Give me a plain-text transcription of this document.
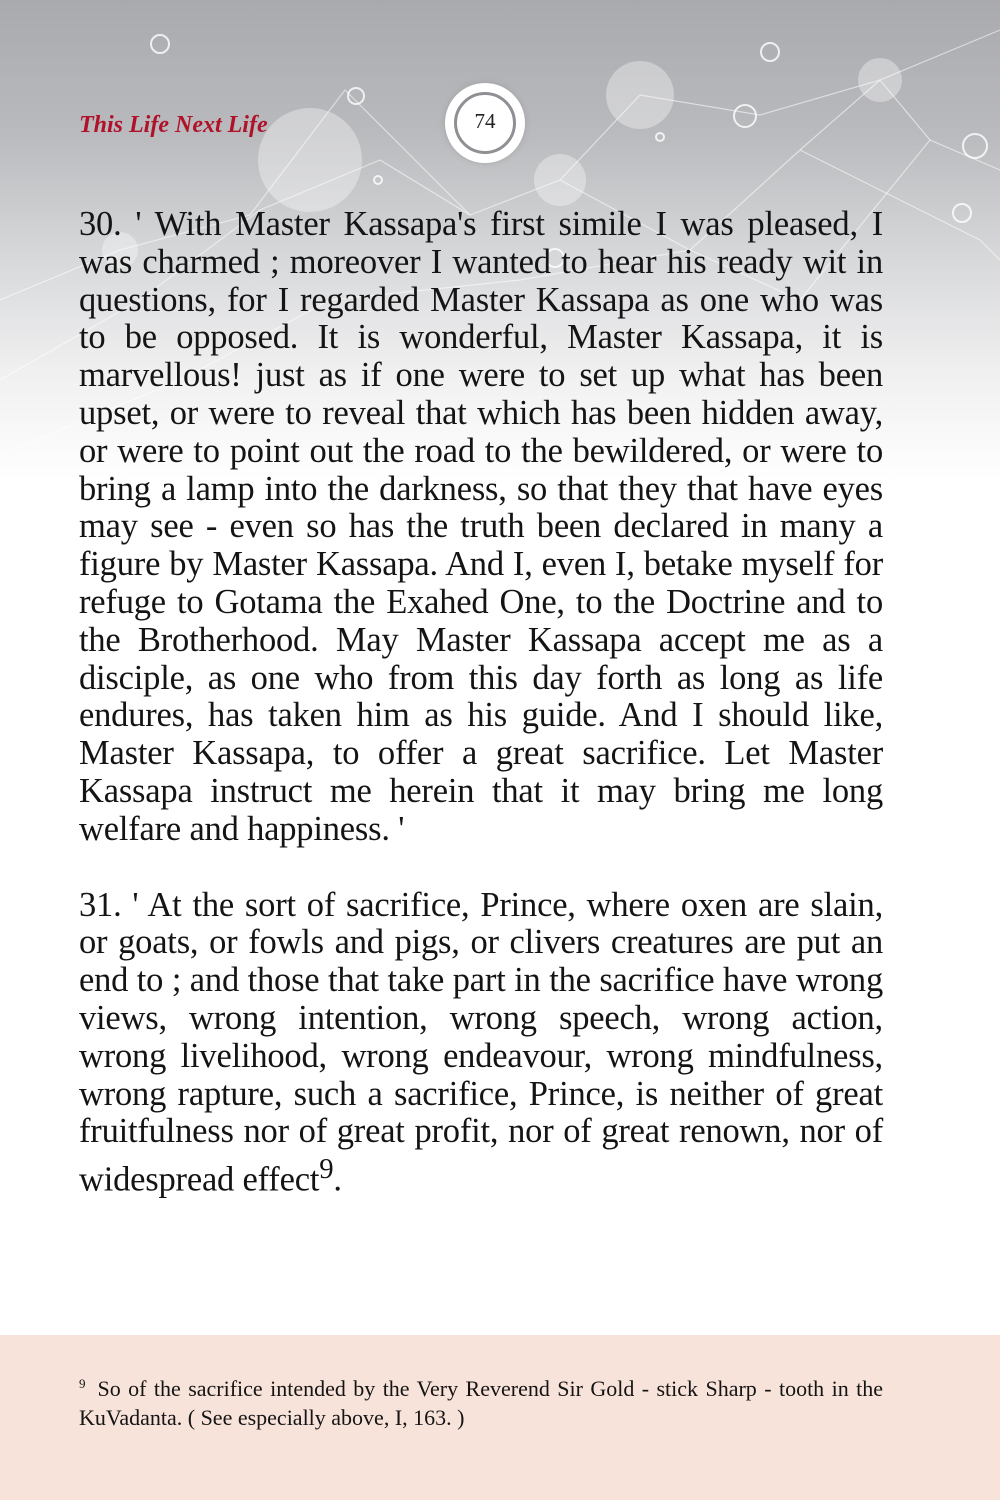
This Life Next Life	74

30. ' With Master Kassapa's first simile I was pleased, I was charmed ; moreover I wanted to hear his ready wit in questions, for I regarded Master Kassapa as one who was to be opposed. It is wonderful, Master Kassapa, it is marvellous! just as if one were to set up what has been upset, or were to reveal that which has been hidden away, or were to point out the road to the bewildered, or were to bring a lamp into the darkness, so that they that have eyes may see - even so has the truth been declared in many a figure by Master Kassapa. And I, even I, betake myself for refuge to Gotama the Exahed One, to the Doctrine and to the Brotherhood. May Master Kassapa accept me as a disciple, as one who from this day forth as long as life endures, has taken him as his guide. And I should like, Master Kassapa, to offer a great sacrifice. Let Master Kassapa instruct me herein that it may bring me long welfare and happiness. '

31. ' At the sort of sacrifice, Prince, where oxen are slain, or goats, or fowls and pigs, or clivers creatures are put an end to ; and those that take part in the sacrifice have wrong views, wrong intention, wrong speech, wrong action, wrong livelihood, wrong endeavour, wrong mindfulness, wrong rapture, such a sacrifice, Prince, is neither of great fruitfulness nor of great profit, nor of great renown, nor of widespread effect$^9$.

$^9$ So of the sacrifice intended by the Very Reverend Sir Gold - stick Sharp - tooth in the KuVadanta. ( See especially above, I, 163. )
